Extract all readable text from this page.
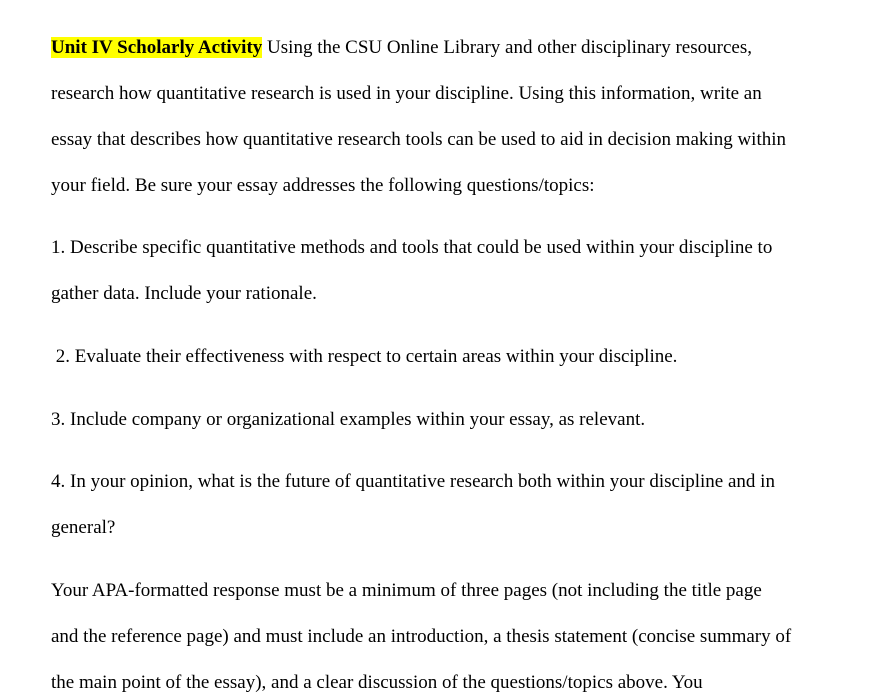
Unit IV Scholarly Activity Using the CSU Online Library and other disciplinary resources,
research how quantitative research is used in your discipline. Using this information, write an
essay that describes how quantitative research tools can be used to aid in decision making within
your field. Be sure your essay addresses the following questions/topics:
1. Describe specific quantitative methods and tools that could be used within your discipline to
gather data. Include your rationale.
2. Evaluate their effectiveness with respect to certain areas within your discipline.
3. Include company or organizational examples within your essay, as relevant.
4. In your opinion, what is the future of quantitative research both within your discipline and in
general?
Your APA-formatted response must be a minimum of three pages (not including the title page
and the reference page) and must include an introduction, a thesis statement (concise summary of
the main point of the essay), and a clear discussion of the questions/topics above. You
